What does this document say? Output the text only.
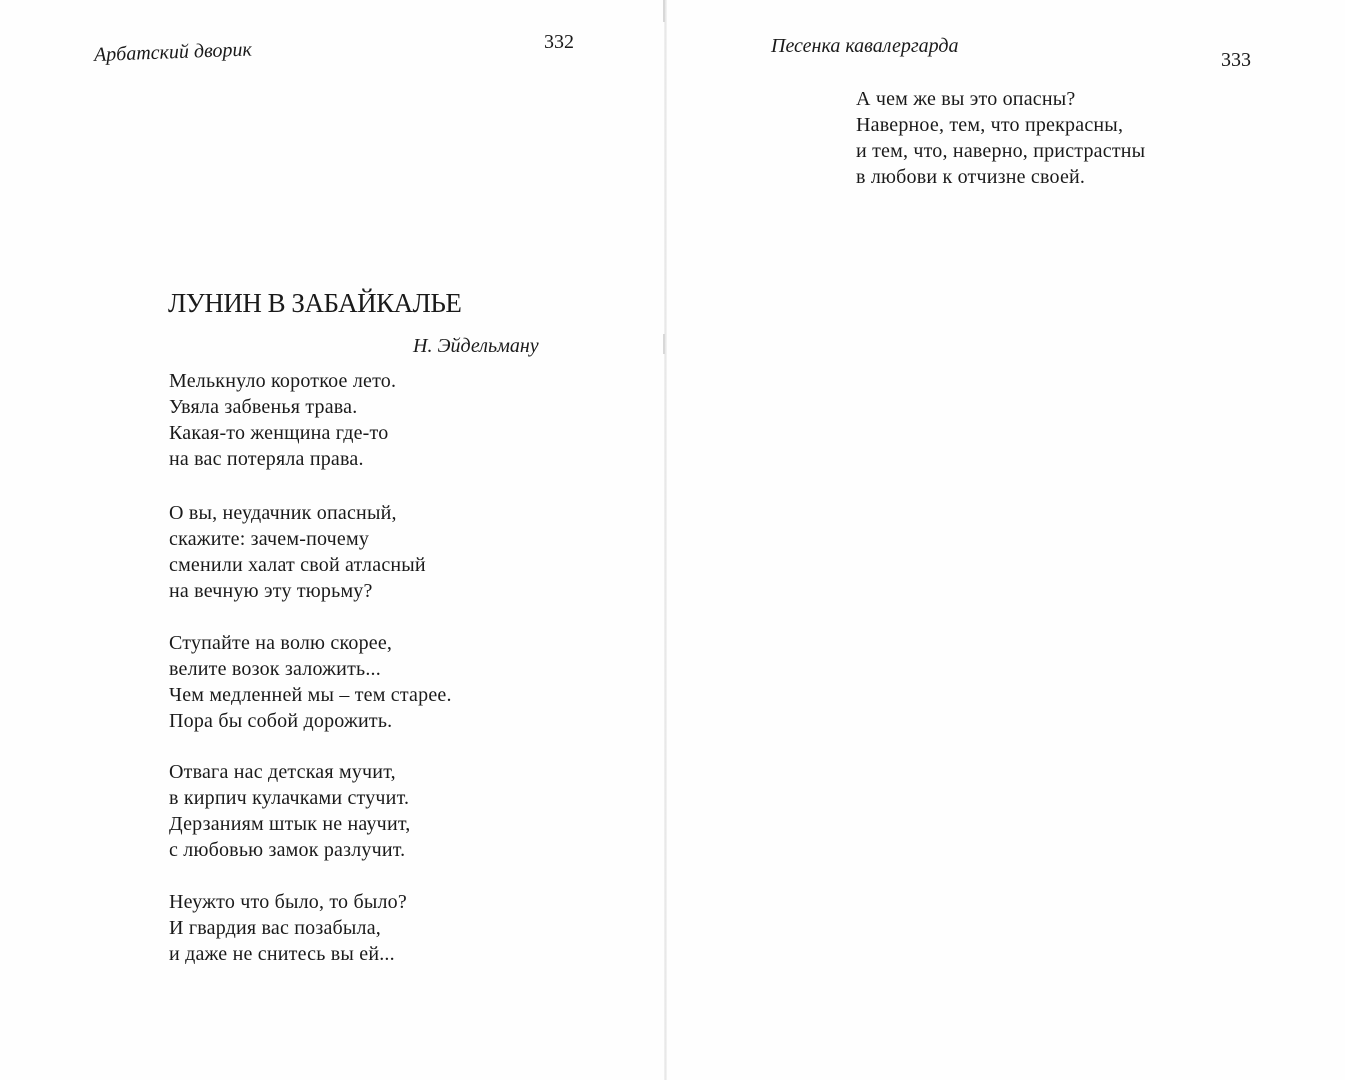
Арбатский дворик	332
ЛУНИН В ЗАБАЙКАЛЬЕ
Н. Эйдельману
Мелькнуло короткое лето.
Увяла забвенья трава.
Какая-то женщина где-то
на вас потеряла права.
О вы, неудачник опасный,
скажите: зачем-почему
сменили халат свой атласный
на вечную эту тюрьму?
Ступайте на волю скорее,
велите возок заложить...
Чем медленней мы – тем старее.
Пора бы собой дорожить.
Отвага нас детская мучит,
в кирпич кулачками стучит.
Дерзаниям штык не научит,
с любовью замок разлучит.
Неужто что было, то было?
И гвардия вас позабыла,
и даже не снитесь вы ей...
Песенка кавалергарда
333
А чем же вы это опасны?
Наверное, тем, что прекрасны,
и тем, что, наверно, пристрастны
в любови к отчизне своей.
